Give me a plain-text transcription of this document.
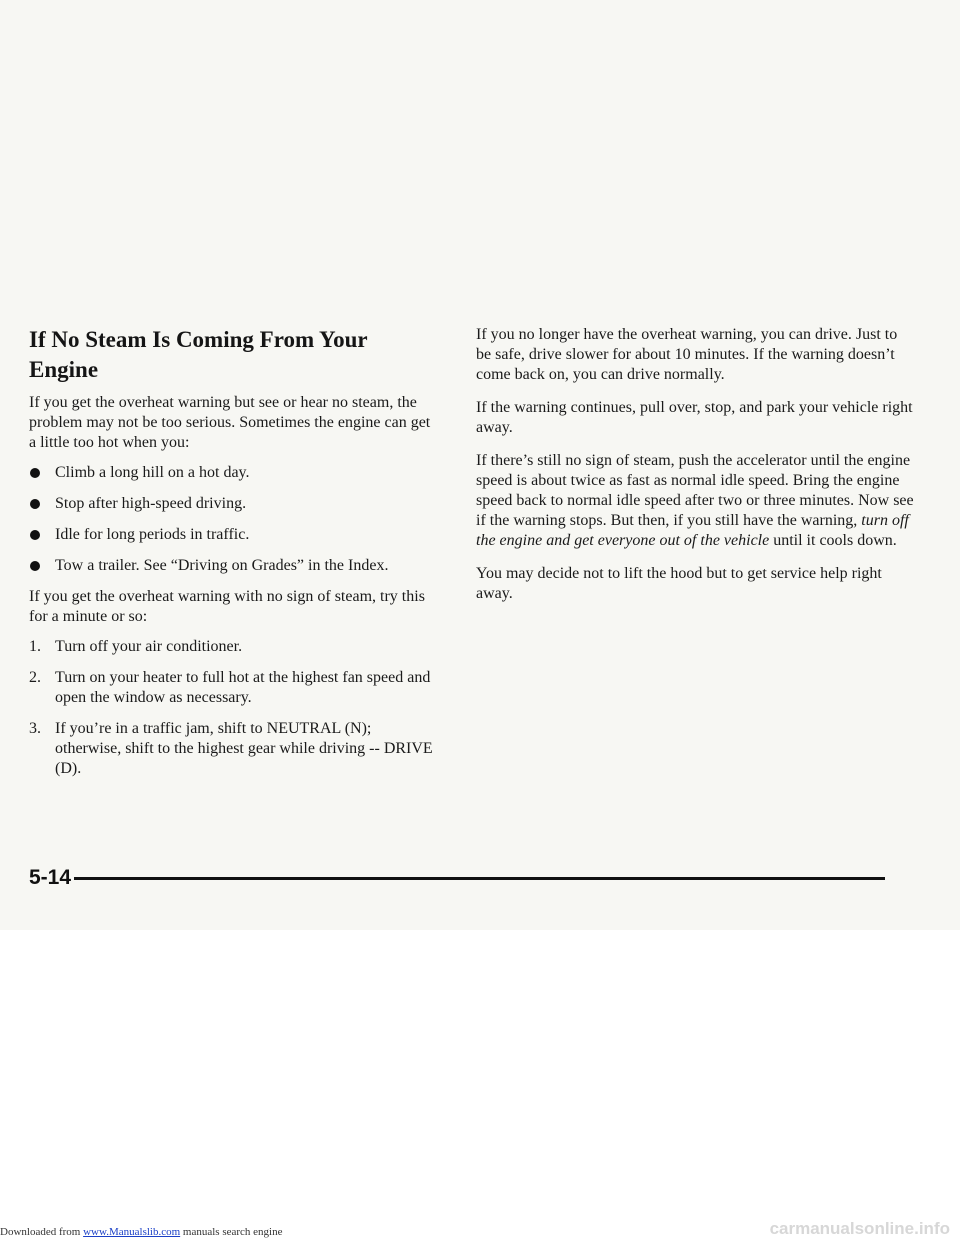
If No Steam Is Coming From Your Engine

If you get the overheat warning but see or hear no steam, the problem may not be too serious. Sometimes the engine can get a little too hot when you:

Climb a long hill on a hot day.
Stop after high-speed driving.
Idle for long periods in traffic.
Tow a trailer. See “Driving on Grades” in the Index.

If you get the overheat warning with no sign of steam, try this for a minute or so:

1. Turn off your air conditioner.
2. Turn on your heater to full hot at the highest fan speed and open the window as necessary.
3. If you’re in a traffic jam, shift to NEUTRAL (N); otherwise, shift to the highest gear while driving -- DRIVE (D).

If you no longer have the overheat warning, you can drive. Just to be safe, drive slower for about 10 minutes. If the warning doesn’t come back on, you can drive normally.

If the warning continues, pull over, stop, and park your vehicle right away.

If there’s still no sign of steam, push the accelerator until the engine speed is about twice as fast as normal idle speed. Bring the engine speed back to normal idle speed after two or three minutes. Now see if the warning stops. But then, if you still have the warning, turn off the engine and get everyone out of the vehicle until it cools down.

You may decide not to lift the hood but to get service help right away.

5-14
Downloaded from www.Manualslib.com manuals search engine	carmanualsonline.info
